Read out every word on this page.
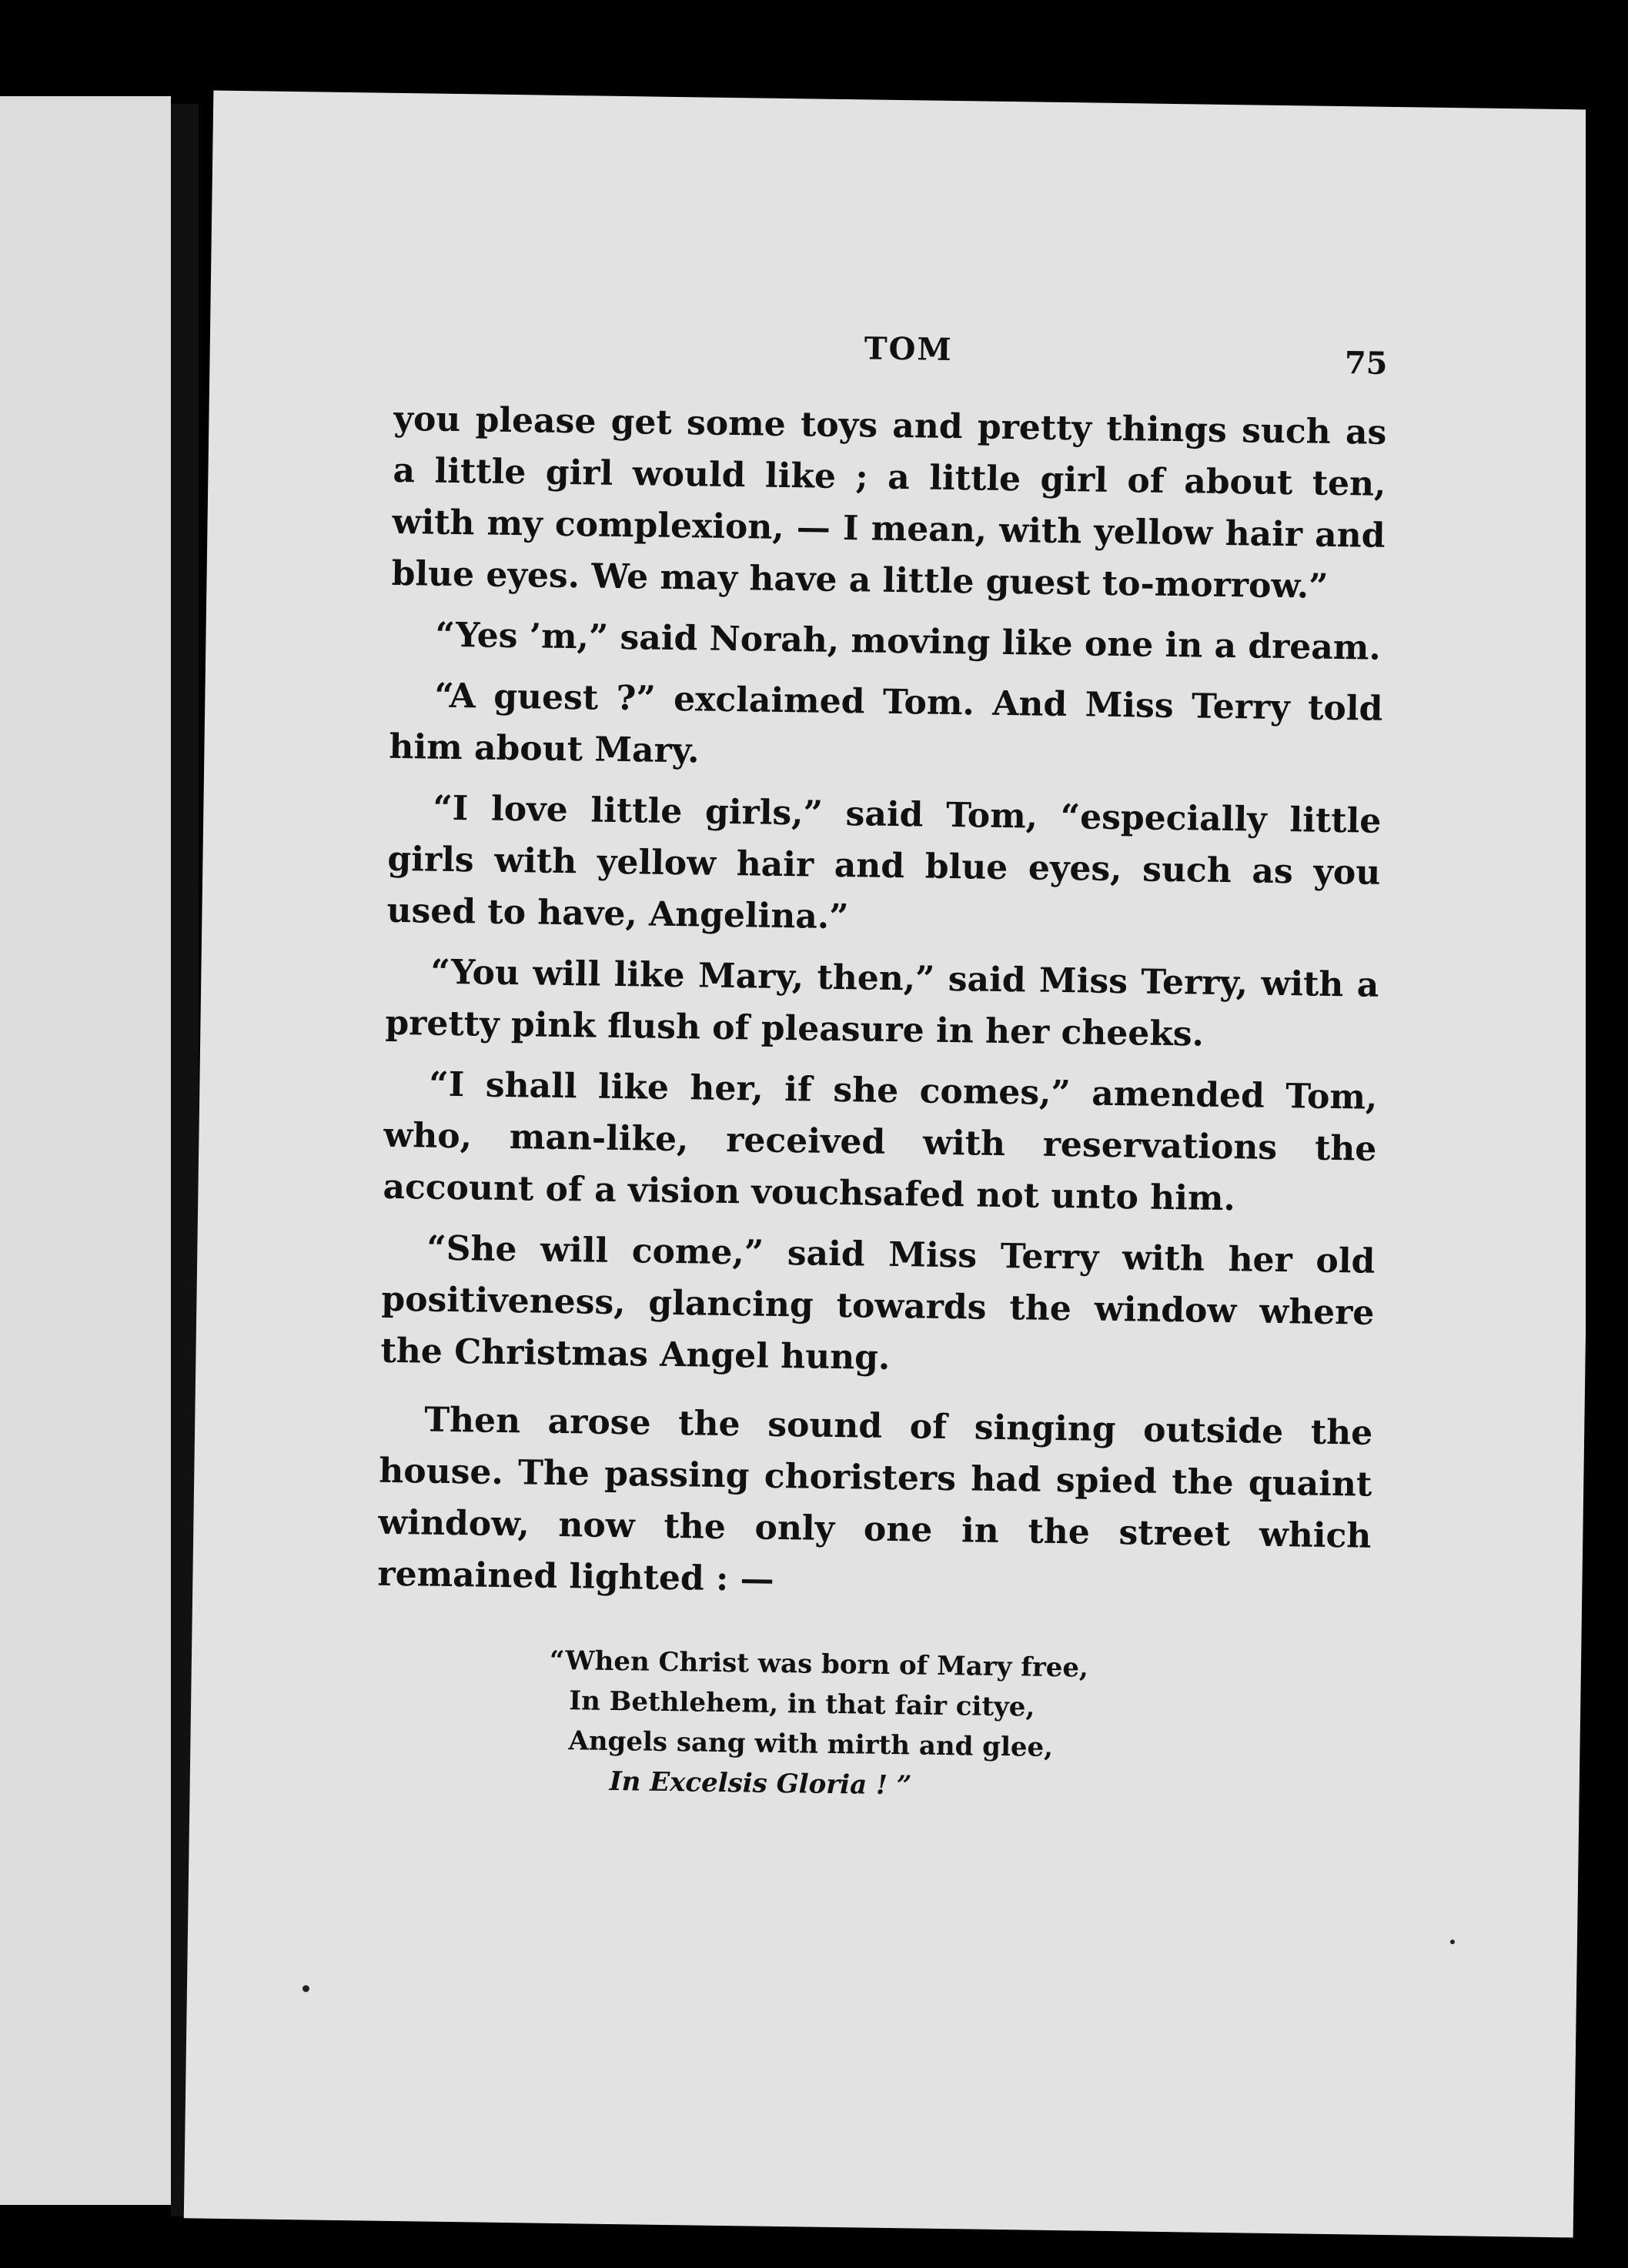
TOM	75

you please get some toys and pretty things such as a little girl would like ; a little girl of about ten, with my complexion, — I mean, with yellow hair and blue eyes. We may have a little guest to-morrow.”

“Yes ’m,” said Norah, moving like one in a dream.

“A guest ?” exclaimed Tom. And Miss Terry told him about Mary.

“I love little girls,” said Tom, “especially little girls with yellow hair and blue eyes, such as you used to have, Angelina.”

“You will like Mary, then,” said Miss Terry, with a pretty pink flush of pleasure in her cheeks.

“I shall like her, if she comes,” amended Tom, who, man-like, received with reservations the account of a vision vouchsafed not unto him.

“She will come,” said Miss Terry with her old positiveness, glancing towards the window where the Christmas Angel hung.

Then arose the sound of singing outside the house. The passing choristers had spied the quaint window, now the only one in the street which remained lighted : —

“When Christ was born of Mary free,
In Bethlehem, in that fair citye,
Angels sang with mirth and glee,
In Excelsis Gloria ! ”
